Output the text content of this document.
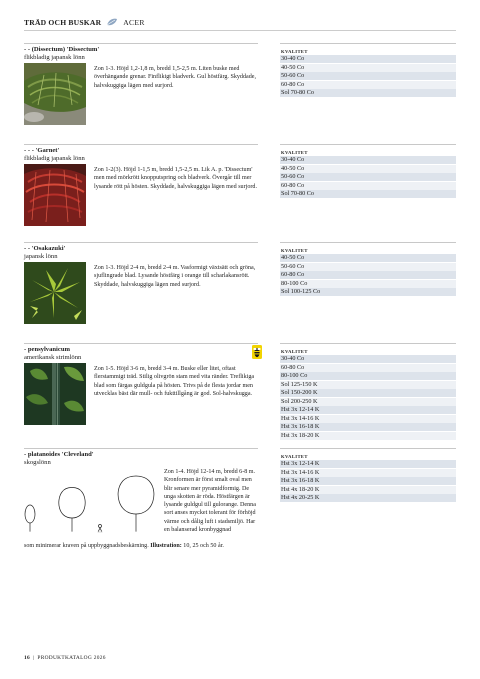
TRÄD OCH BUSKAR	ACER
- - (Dissectum) 'Dissectum'
flikbladig japansk lönn
Zon 1-3. Höjd 1,2-1,8 m, bredd 1,5-2,5 m. Liten buske med överhängande grenar. Finflikigt bladverk. Gul höstfärg. Skyddade, halvskuggiga lägen med surjord.
KVALITET
30-40 Co
40-50 Co
50-60 Co
60-80 Co
Sol 70-80 Co
- - - 'Garnet'
flikbladig japansk lönn
Zon 1-2(3). Höjd 1-1,5 m, bredd 1,5-2,5 m. Lik A. p. 'Dissectum' men med mörkrött knopputspring och bladverk. Övergår till mer lysande rött på hösten. Skyddade, halvskuggiga lägen med surjord.
KVALITET
30-40 Co
40-50 Co
50-60 Co
60-80 Co
Sol 70-80 Co
- - 'Osakazuki'
japansk lönn
Zon 1-3. Höjd 2-4 m, bredd 2-4 m. Vasformigt växtsätt och gröna, sjuflingrade blad. Lysande höstfärg i orange till scharlakansrött. Skyddade, halvskuggiga lägen med surjord.
KVALITET
40-50 Co
50-60 Co
60-80 Co
80-100 Co
Sol 100-125 Co
- pensylvanicum
amerikansk strimlönn
Zon 1-5. Höjd 3-6 m, bredd 3-4 m. Buske eller litet, oftast flerstammigt träd. Stilig olivgrön stam med vita ränder. Treflikiga blad som färgas guldgula på hösten. Trivs på de flesta jordar men utvecklas bäst där mull- och fukttillgång är god. Sol-halvskugga.
KVALITET
30-40 Co
60-80 Co
80-100 Co
Sol 125-150 K
Sol 150-200 K
Sol 200-250 K
Hst 3x 12-14 K
Hst 3x 14-16 K
Hst 3x 16-18 K
Hst 3x 18-20 K
- platanoides 'Cleveland'
skogslönn
Zon 1-4. Höjd 12-14 m, bredd 6-8 m. Kronformen är först smalt oval men blir senare mer pyramidformig. De unga skotten är röda. Höstfärgen är lysande guldgul till gulorange. Denna sort anses mycket tolerant för förhöjd värme och dålig luft i stadsmiljö. Har en balanserad kronbyggnad
som minimerar kraven på uppbyggnadsbeskärning. Illustration: 10, 25 och 50 år.
KVALITET
Hst 3x 12-14 K
Hst 3x 14-16 K
Hst 3x 16-18 K
Hst 4x 18-20 K
Hst 4x 20-25 K
16 | PRODUKTKATALOG 2026
